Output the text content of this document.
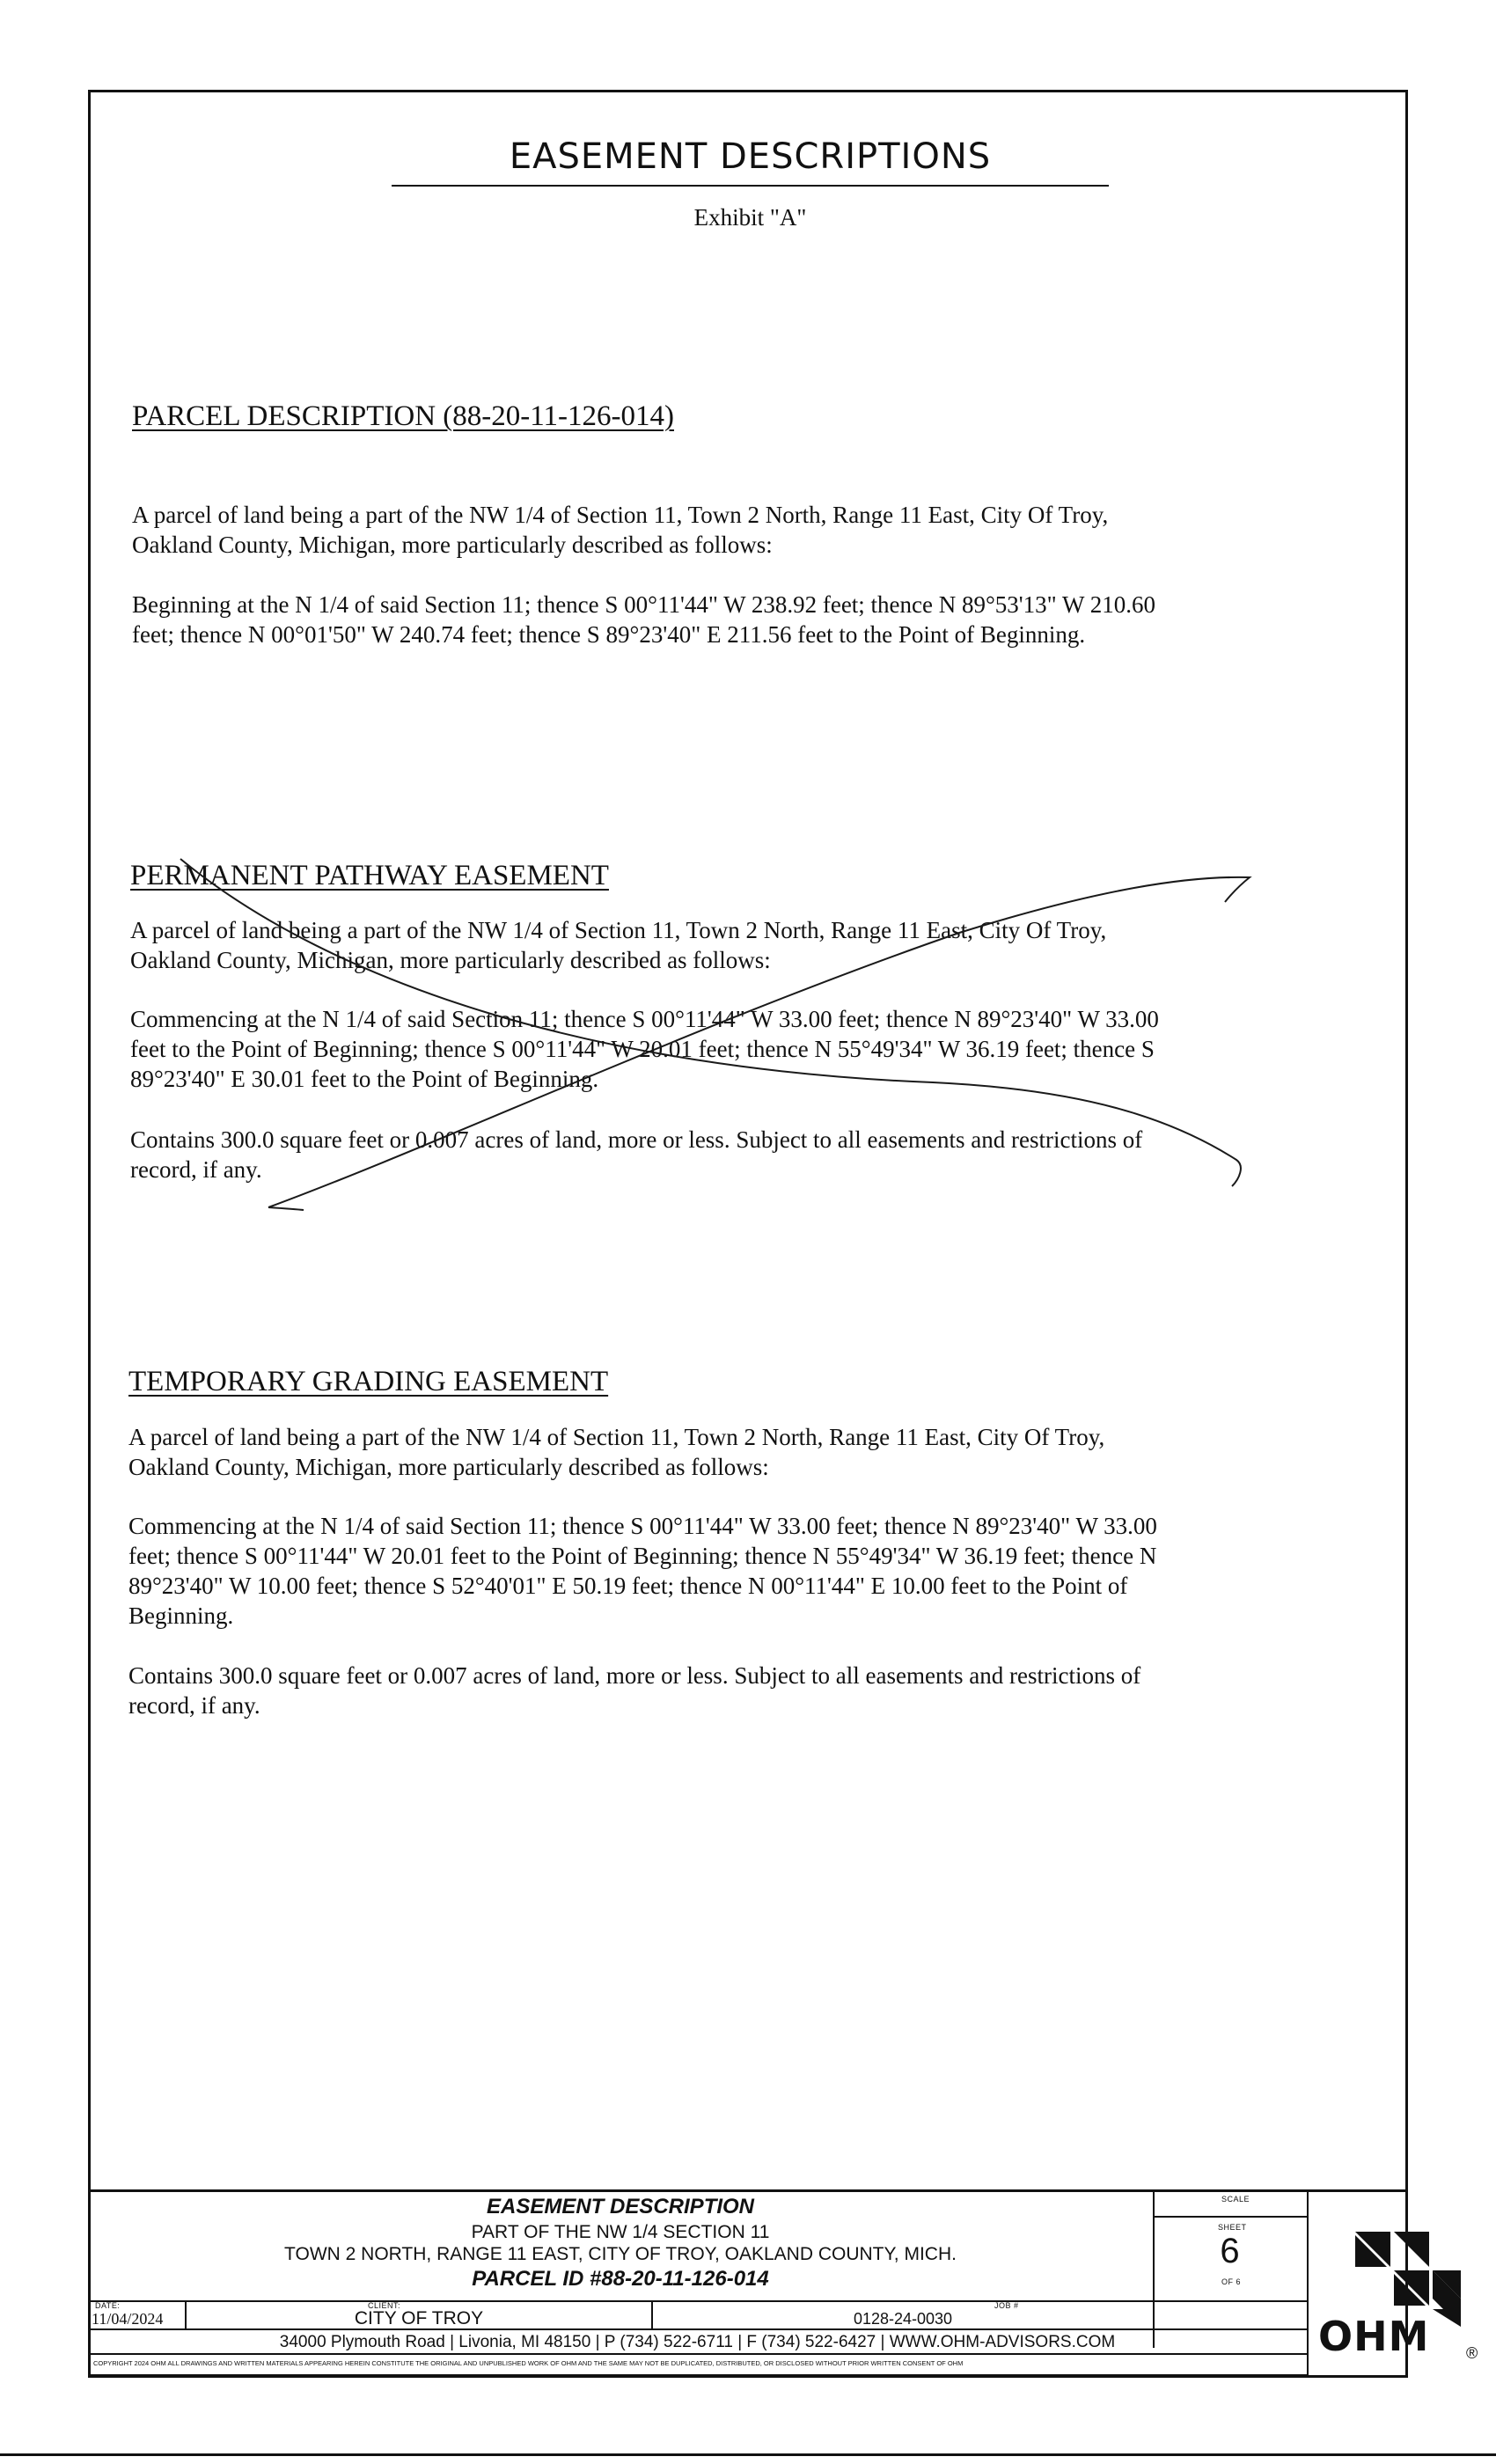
EASEMENT DESCRIPTIONS
Exhibit "A"
PARCEL DESCRIPTION (88-20-11-126-014)
A parcel of land being a part of the NW 1/4 of Section 11, Town 2 North, Range 11 East, City Of Troy,
Oakland County, Michigan, more particularly described as follows:
Beginning at the N 1/4 of said Section 11; thence S 00°11'44" W 238.92 feet; thence N 89°53'13" W 210.60
feet; thence N 00°01'50" W 240.74 feet; thence S 89°23'40" E 211.56 feet to the Point of Beginning.
PERMANENT PATHWAY EASEMENT
A parcel of land being a part of the NW 1/4 of Section 11, Town 2 North, Range 11 East, City Of Troy,
Oakland County, Michigan, more particularly described as follows:
Commencing at the N 1/4 of said Section 11; thence S 00°11'44" W 33.00 feet; thence N 89°23'40" W 33.00
feet to the Point of Beginning; thence S 00°11'44" W 20.01 feet; thence N 55°49'34" W 36.19 feet; thence S
89°23'40" E 30.01 feet to the Point of Beginning.
Contains 300.0 square feet or 0.007 acres of land, more or less. Subject to all easements and restrictions of
record, if any.
TEMPORARY GRADING EASEMENT
A parcel of land being a part of the NW 1/4 of Section 11, Town 2 North, Range 11 East, City Of Troy,
Oakland County, Michigan, more particularly described as follows:
Commencing at the N 1/4 of said Section 11; thence S 00°11'44" W 33.00 feet; thence N 89°23'40" W 33.00
feet; thence S 00°11'44" W 20.01 feet to the Point of Beginning; thence N 55°49'34" W 36.19 feet; thence N
89°23'40" W 10.00 feet; thence S 52°40'01" E 50.19 feet; thence N 00°11'44" E 10.00 feet to the Point of
Beginning.
Contains 300.0 square feet or 0.007 acres of land, more or less. Subject to all easements and restrictions of
record, if any.
EASEMENT DESCRIPTION
PART OF THE NW 1/4 SECTION 11
TOWN 2 NORTH, RANGE 11 EAST, CITY OF TROY, OAKLAND COUNTY, MICH.
PARCEL ID #88-20-11-126-014
SCALE
SHEET
6
OF 6
DATE:
11/04/2024
CLIENT:
CITY OF TROY
JOB #
0128-24-0030
34000 Plymouth Road | Livonia, MI 48150 | P (734) 522-6711 | F (734) 522-6427 | WWW.OHM-ADVISORS.COM
COPYRIGHT 2024 OHM ALL DRAWINGS AND WRITTEN MATERIALS APPEARING HEREIN CONSTITUTE THE ORIGINAL AND UNPUBLISHED WORK OF OHM AND THE SAME MAY NOT BE DUPLICATED, DISTRIBUTED, OR DISCLOSED WITHOUT PRIOR WRITTEN CONSENT OF OHM
OHM ®
